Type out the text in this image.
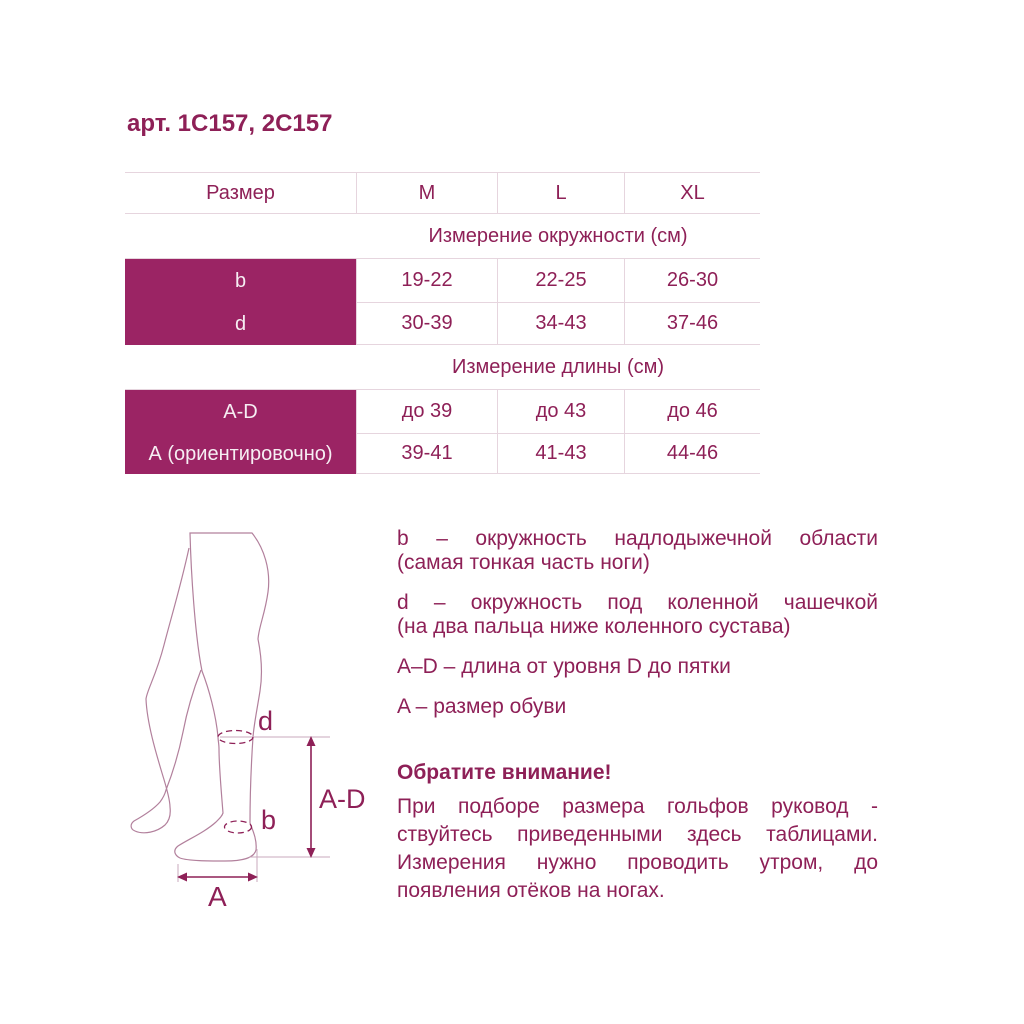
арт. 1С157, 2С157
Размер	M	L	XL
Измерение окружности (см)
b	19-22	22-25	26-30
d	30-39	34-43	37-46
Измерение длины (см)
A-D	до 39	до 43	до 46
А (ориентировочно)	39-41	41-43	44-46
d
b
A-D
A
b – окружность надлодыжечной области
(самая тонкая часть ноги)
d – окружность под коленной чашечкой
(на два пальца ниже коленного сустава)
A–D – длина от уровня D до пятки
A – размер обуви
Обратите внимание!
При подборе размера гольфов руковод -
ствуйтесь приведенными здесь таблицами.
Измерения нужно проводить утром, до
появления отёков на ногах.
